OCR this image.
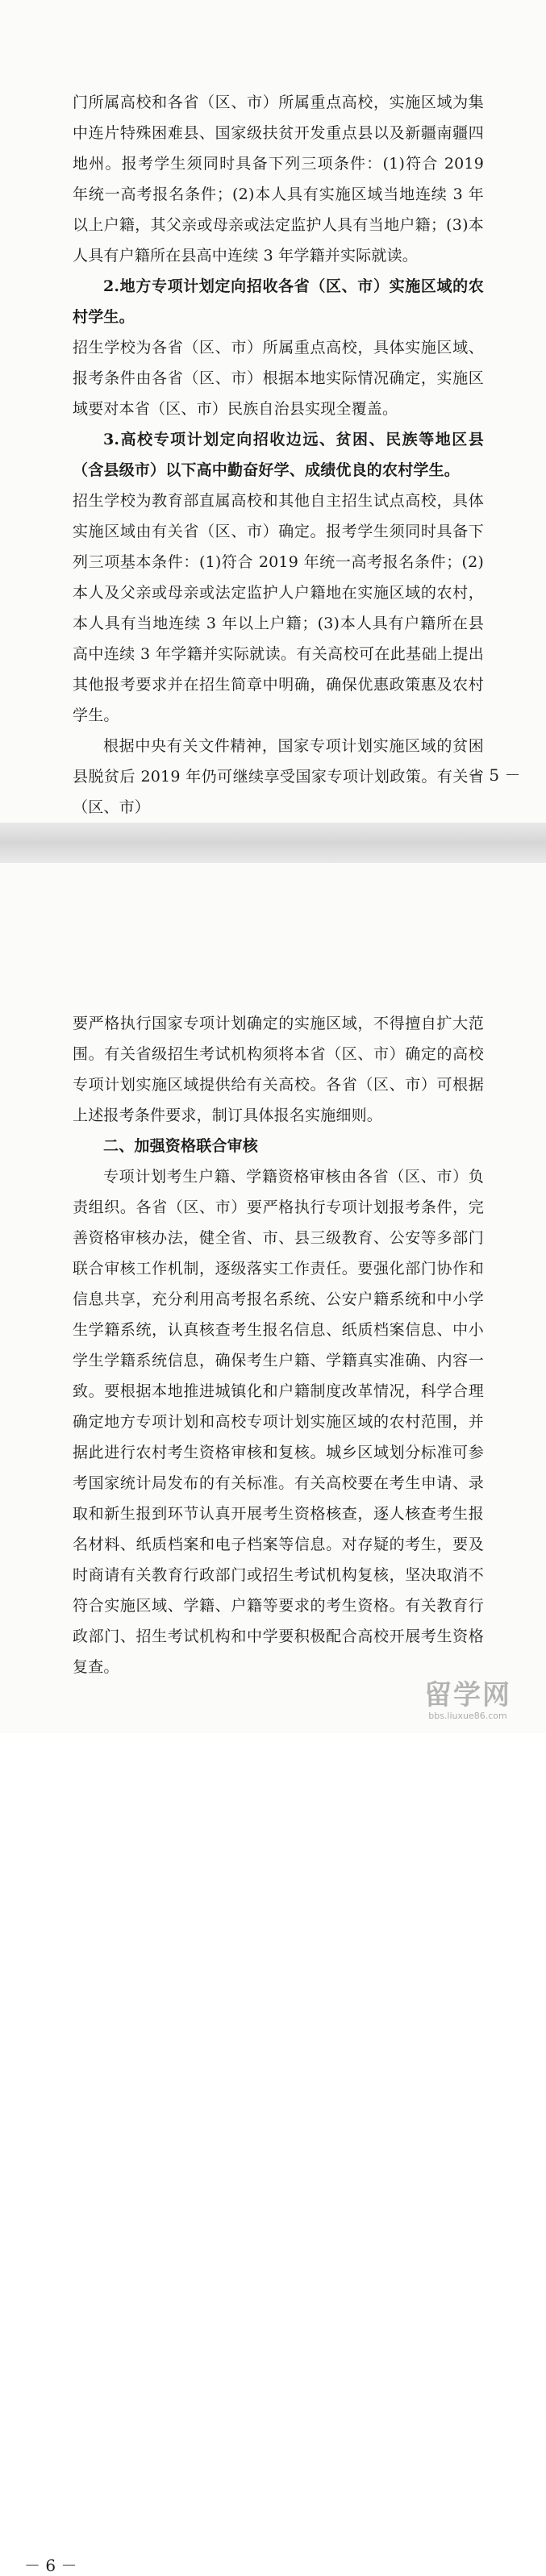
门所属高校和各省（区、市）所属重点高校，实施区域为集中连片特殊困难县、国家级扶贫开发重点县以及新疆南疆四地州。报考学生须同时具备下列三项条件：(1)符合 2019 年统一高考报名条件；(2)本人具有实施区域当地连续 3 年以上户籍，其父亲或母亲或法定监护人具有当地户籍；(3)本人具有户籍所在县高中连续 3 年学籍并实际就读。

2.地方专项计划定向招收各省（区、市）实施区域的农村学生。

招生学校为各省（区、市）所属重点高校，具体实施区域、报考条件由各省（区、市）根据本地实际情况确定，实施区域要对本省（区、市）民族自治县实现全覆盖。

3.高校专项计划定向招收边远、贫困、民族等地区县（含县级市）以下高中勤奋好学、成绩优良的农村学生。

招生学校为教育部直属高校和其他自主招生试点高校，具体实施区域由有关省（区、市）确定。报考学生须同时具备下列三项基本条件：(1)符合 2019 年统一高考报名条件；(2)本人及父亲或母亲或法定监护人户籍地在实施区域的农村，本人具有当地连续 3 年以上户籍；(3)本人具有户籍所在县高中连续 3 年学籍并实际就读。有关高校可在此基础上提出其他报考要求并在招生简章中明确，确保优惠政策惠及农村学生。

根据中央有关文件精神，国家专项计划实施区域的贫困县脱贫后 2019 年仍可继续享受国家专项计划政策。有关省（区、市）

－ 5 －

要严格执行国家专项计划确定的实施区域，不得擅自扩大范围。有关省级招生考试机构须将本省（区、市）确定的高校专项计划实施区域提供给有关高校。各省（区、市）可根据上述报考条件要求，制订具体报名实施细则。

二、加强资格联合审核

专项计划考生户籍、学籍资格审核由各省（区、市）负责组织。各省（区、市）要严格执行专项计划报考条件，完善资格审核办法，健全省、市、县三级教育、公安等多部门联合审核工作机制，逐级落实工作责任。要强化部门协作和信息共享，充分利用高考报名系统、公安户籍系统和中小学生学籍系统，认真核查考生报名信息、纸质档案信息、中小学生学籍系统信息，确保考生户籍、学籍真实准确、内容一致。要根据本地推进城镇化和户籍制度改革情况，科学合理确定地方专项计划和高校专项计划实施区域的农村范围，并据此进行农村考生资格审核和复核。城乡区域划分标准可参考国家统计局发布的有关标准。有关高校要在考生申请、录取和新生报到环节认真开展考生资格核查，逐人核查考生报名材料、纸质档案和电子档案等信息。对存疑的考生，要及时商请有关教育行政部门或招生考试机构复核，坚决取消不符合实施区域、学籍、户籍等要求的考生资格。有关教育行政部门、招生考试机构和中学要积极配合高校开展考生资格复查。

－ 6 －
留学网
bbs.liuxue86.com
